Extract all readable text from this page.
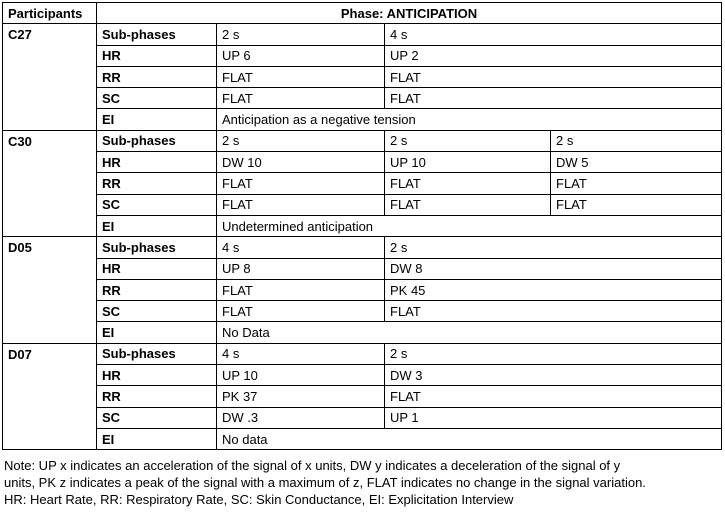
Participants	Phase: ANTICIPATION			
C27	Sub-phases	2 s	4 s	
	HR	UP 6	UP 2	
	RR	FLAT	FLAT	
	SC	FLAT	FLAT	
	EI	Anticipation as a negative tension		
C30	Sub-phases	2 s	2 s	2 s
	HR	DW 10	UP 10	DW 5
	RR	FLAT	FLAT	FLAT
	SC	FLAT	FLAT	FLAT
	EI	Undetermined anticipation		
D05	Sub-phases	4 s	2 s	
	HR	UP 8	DW 8	
	RR	FLAT	PK 45	
	SC	FLAT	FLAT	
	EI	No Data		
D07	Sub-phases	4 s	2 s	
	HR	UP 10	DW 3	
	RR	PK 37	FLAT	
	SC	DW .3	UP 1	
	EI	No data		
Note: UP x indicates an acceleration of the signal of x units, DW y indicates a deceleration of the signal of y
units, PK z indicates a peak of the signal with a maximum of z, FLAT indicates no change in the signal variation.
HR: Heart Rate, RR: Respiratory Rate, SC: Skin Conductance, EI: Explicitation Interview
